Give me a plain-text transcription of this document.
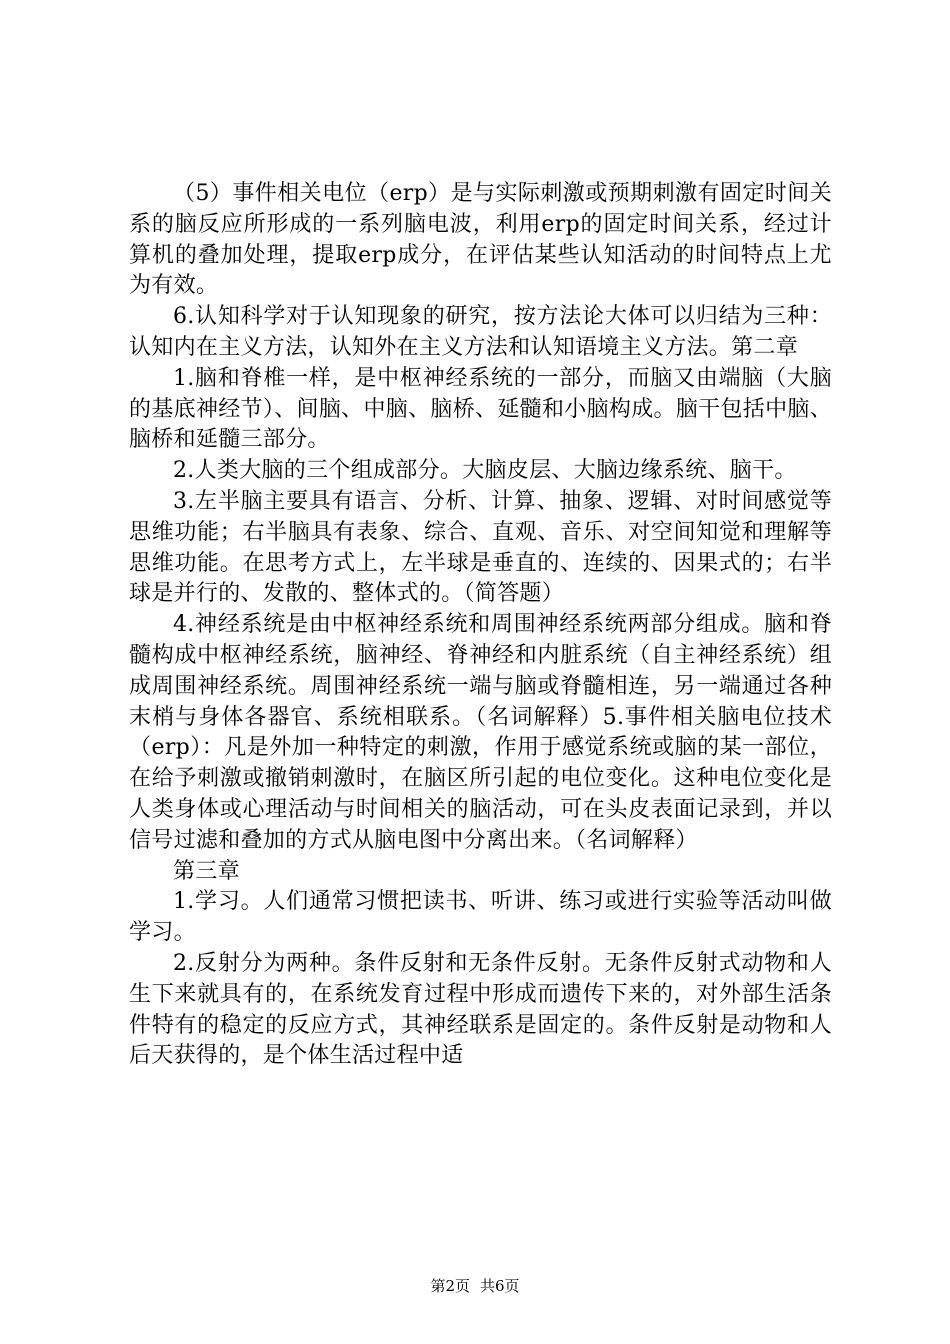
（5）事件相关电位（erp）是与实际刺激或预期刺激有固定时间关系的脑反应所形成的一系列脑电波，利用erp的固定时间关系，经过计算机的叠加处理，提取erp成分，在评估某些认知活动的时间特点上尤为有效。

6.认知科学对于认知现象的研究，按方法论大体可以归结为三种：认知内在主义方法，认知外在主义方法和认知语境主义方法。第二章

1.脑和脊椎一样，是中枢神经系统的一部分，而脑又由端脑（大脑的基底神经节）、间脑、中脑、脑桥、延髓和小脑构成。脑干包括中脑、脑桥和延髓三部分。

2.人类大脑的三个组成部分。大脑皮层、大脑边缘系统、脑干。

3.左半脑主要具有语言、分析、计算、抽象、逻辑、对时间感觉等思维功能；右半脑具有表象、综合、直观、音乐、对空间知觉和理解等思维功能。在思考方式上，左半球是垂直的、连续的、因果式的；右半球是并行的、发散的、整体式的。（简答题）

4.神经系统是由中枢神经系统和周围神经系统两部分组成。脑和脊髓构成中枢神经系统，脑神经、脊神经和内脏系统（自主神经系统）组成周围神经系统。周围神经系统一端与脑或脊髓相连，另一端通过各种末梢与身体各器官、系统相联系。（名词解释）5.事件相关脑电位技术（erp）：凡是外加一种特定的刺激，作用于感觉系统或脑的某一部位，在给予刺激或撤销刺激时，在脑区所引起的电位变化。这种电位变化是人类身体或心理活动与时间相关的脑活动，可在头皮表面记录到，并以信号过滤和叠加的方式从脑电图中分离出来。（名词解释）

第三章

1.学习。人们通常习惯把读书、听讲、练习或进行实验等活动叫做学习。

2.反射分为两种。条件反射和无条件反射。无条件反射式动物和人生下来就具有的，在系统发育过程中形成而遗传下来的，对外部生活条件特有的稳定的反应方式，其神经联系是固定的。条件反射是动物和人后天获得的，是个体生活过程中适

第2页 共6页
